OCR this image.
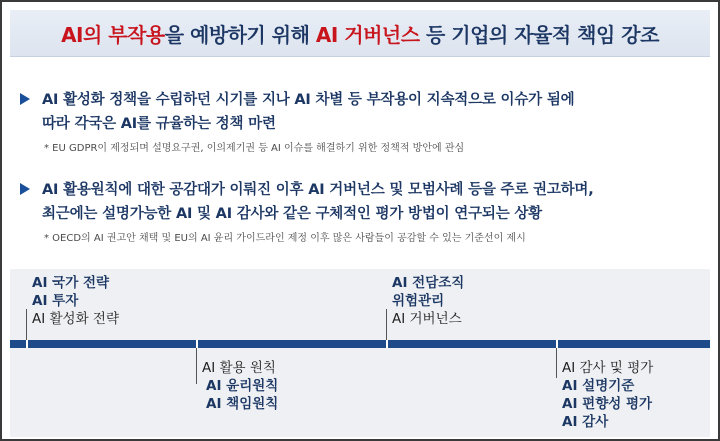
AI의 부작용을 예방하기 위해 AI 거버넌스 등 기업의 자율적 책임 강조
AI 활성화 정책을 수립하던 시기를 지나 AI 차별 등 부작용이 지속적으로 이슈가 됨에
따라 각국은 AI를 규율하는 정책 마련
* EU GDPR이 제정되며 설명요구권, 이의제기권 등 AI 이슈를 해결하기 위한 정책적 방안에 관심
AI 활용원칙에 대한 공감대가 이뤄진 이후 AI 거버넌스 및 모범사례 등을 주로 권고하며,
최근에는 설명가능한 AI 및 AI 감사와 같은 구체적인 평가 방법이 연구되는 상황
* OECD의 AI 권고안 채택 및 EU의 AI 윤리 가이드라인 제정 이후 많은 사람들이 공감할 수 있는 기준선이 제시
AI 국가 전략
AI 투자
AI 활성화 전략
AI 활용 원칙
AI 윤리원칙
AI 책임원칙
AI 전담조직
위험관리
AI 거버넌스
AI 감사 및 평가
AI 설명기준
AI 편향성 평가
AI 감사
